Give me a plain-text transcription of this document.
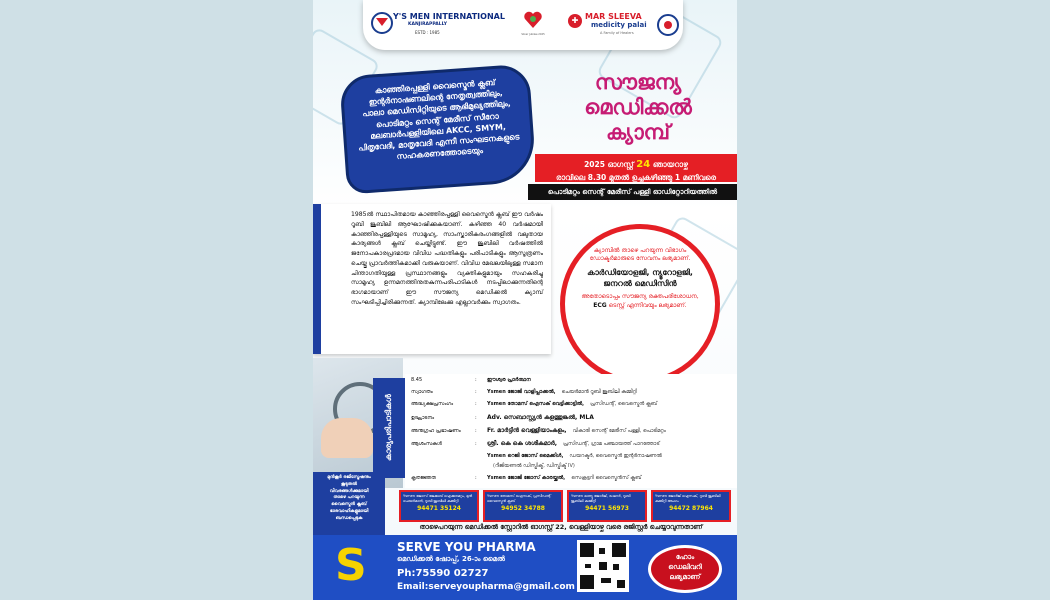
Y'S MEN INTERNATIONAL
KANJIRAPPALLY
ESTD : 1985	Silver Jubilee 2025
✚ MAR SLEEVA
medicity palai
A Family of Healers
കാഞ്ഞിരപ്പള്ളി വൈസ്മെൻ ക്ലബ്
ഇന്റർനാഷണലിന്റെ നേതൃത്വത്തിലും,
പാലാ മെഡിസിറ്റിയുടെ ആഭിമുഖ്യത്തിലും,
പൊടിമറ്റം സെന്റ് മേരീസ് സീറോ
മലബാർപള്ളിയിലെ AKCC, SMYM,
പിതൃവേദി, മാതൃവേദി എന്നീ സംഘടനകളുടെ
സഹകരണത്തോടെയും
സൗജന്യ
മെഡിക്കൽ
ക്യാമ്പ്
2025 ഓഗസ്റ്റ് 24 ഞായറാഴ്ച
രാവിലെ 8.30 മുതൽ ഉച്ചകഴിഞ്ഞു 1 മണിവരെ
പൊടിമറ്റം സെന്റ് മേരീസ് പള്ളി ഓഡിറ്റോറിയത്തിൽ
1985ൽ സ്ഥാപിതമായ കാഞ്ഞിരപ്പള്ളി വൈസ്മെൻ ക്ലബ് ഈ വർഷം റൂബി ജൂബിലി ആഘോഷിക്കുകയാണ്. കഴിഞ്ഞ 40 വർഷമായി കാഞ്ഞിരപ്പള്ളിയുടെ സാമൂഹ്യ, സാംസ്കാരികരംഗങ്ങളിൽ വലുതായ കാര്യങ്ങൾ ക്ലബ് ചെയ്തിട്ടുണ്ട്. ഈ ജൂബിലി വർഷത്തിൽ ജനോപകാരപ്രദമായ വിവിധ പദ്ധതികളും പരിപാടികളും ആസൂത്രണം ചെയ്തു പ്രാവർത്തികമാക്കി വരുകയാണ്. വിവിധ മേഖലയിലുള്ള സമാന ചിന്താഗതിയുള്ള പ്രസ്ഥാനങ്ങളും വ്യക്തികളുമായും സഹകരിച്ചു സാമൂഹ്യ ഉന്നമനത്തിനുതകുന്നപരിപാടികൾ നടപ്പിലാക്കുന്നതിന്റെ ഭാഗമായാണ് ഈ സൗജന്യ മെഡിക്കൽ ക്യാമ്പ് സംഘടിപ്പിച്ചിരിക്കുന്നത്. ക്യാമ്പിലേക്കു എല്ലാവർക്കും സ്വാഗതം.
ക്യാമ്പിൽ താഴെ പറയുന്ന വിഭാഗം ഡോക്ടർമാരുടെ സേവനം ലഭ്യമാണ്.
കാർഡിയോളജി, ന്യൂറോളജി, ജനറൽ മെഡിസിൻ
അതോടൊപ്പം സൗജന്യ രക്തപരിശോധന, ECG ടെസ്റ്റ് എന്നിവയും ലഭ്യമാണ്.
കാര്യപരിപാടികൾ
8.45	: ഈശ്വര പ്രാർത്ഥന
സ്വാഗതം	: Ysmen ജോജി വാളിപ്ലാക്കൽ, ചെയർമാൻ റൂബി ജൂബിലി കമ്മിറ്റി
അദ്ധ്യക്ഷപ്രസംഗം	: Ysmen തോമസ് ഐസക് വെട്ടിക്കാട്ടിൽ, പ്രസിഡന്റ്, വൈസ്മെൻ ക്ലബ്
ഉദ്ഘാടനം	: Adv. സെബാസ്റ്റ്യൻ കുളത്തുങ്കൽ, MLA
അനുഗ്രഹ പ്രഭാഷണം	: Fr. മാർട്ടിൻ വെള്ളിയാംകുളം, വികാരി സെന്റ് മേരീസ് പള്ളി, പൊടിമറ്റം
ആശംസകൾ	: ശ്രീ. കെ കെ ശശികുമാർ, പ്രസിഡന്റ്, ഗ്രാമ പഞ്ചായത്ത് പാറത്തോട്
Ysmen റെജി ജോസ് മൈക്കിൾ, ഡയറക്ടർ, വൈസ്മെൻ ഇന്റർനാഷണൽ
(റീജിയണൽ ഡിസ്ട്രിക്ട്, ഡിസ്ട്രിക്ട് IV)
കൃതജ്ഞത	: Ysmen ജോജി ജോസ് കാരയ്ക്കൽ, സെക്രട്ടറി വൈസ്മെൻസ് ക്ലബ്
മുൻകൂർ രജിസ്ട്രേഷനും
കൂടുതൽ
വിവരങ്ങൾക്കുമായി
താഴെ പറയുന്ന
വൈസ്മെൻ ക്ലബ്
ഭാരവാഹികളുമായി
ബന്ധപ്പെടുക
Ysmen ജോസ് ജേക്കബ് ഐക്കരമറ്റം, മുൻ ചെയർമാൻ, റൂബി ജൂബിലി കമ്മിറ്റി
94471 35124
Ysmen തോമസ് ഐസക്, പ്രസിഡന്റ് വൈസ്മെൻ ക്ലബ്
94952 34788
Ysmen മാത്യു ജോർജ്, ട്രഷറർ, റൂബി ജൂബിലി കമ്മിറ്റി
94471 56973
Ysmen ജോർജ് ഐസക്, റൂബി ജൂബിലി കമ്മിറ്റി അംഗം
94472 87964
താഴെപറയുന്ന മെഡിക്കൽ സ്റ്റോറിൽ ഓഗസ്റ്റ് 22, വെള്ളിയാഴ്ച വരെ രജിസ്റ്റർ ചെയ്യാവുന്നതാണ്
S	SERVE YOU PHARMA
മെഡിക്കൽ ഷോപ്പ്, 26-ാം മൈൽ
Ph:75590 02727
Email:serveyoupharma@gmail.com
ഹോം
ഡെലിവറി
ലഭ്യമാണ്
